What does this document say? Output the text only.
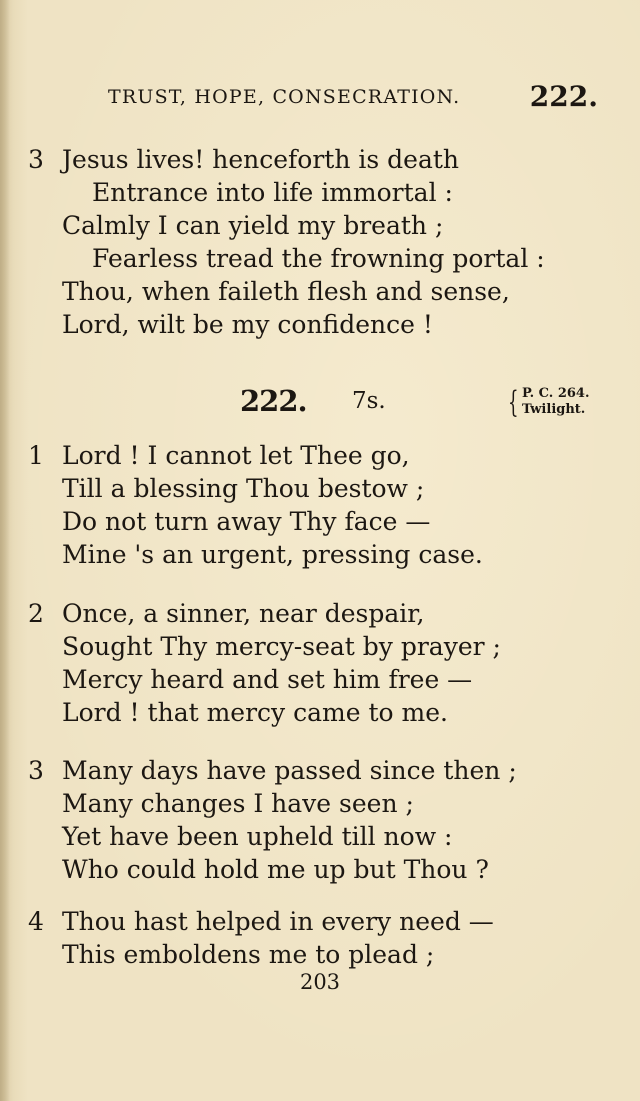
TRUST, HOPE, CONSECRATION. 222.
3 Jesus lives! henceforth is death
Entrance into life immortal :
Calmly I can yield my breath ;
Fearless tread the frowning portal :
Thou, when faileth flesh and sense,
Lord, wilt be my confidence !
222. 7s.	{ P. C. 264.
Twilight.
1 Lord ! I cannot let Thee go,
Till a blessing Thou bestow ;
Do not turn away Thy face —
Mine 's an urgent, pressing case.
2 Once, a sinner, near despair,
Sought Thy mercy-seat by prayer ;
Mercy heard and set him free —
Lord ! that mercy came to me.
3 Many days have passed since then ;
Many changes I have seen ;
Yet have been upheld till now :
Who could hold me up but Thou ?
4 Thou hast helped in every need —
This emboldens me to plead ;
203
